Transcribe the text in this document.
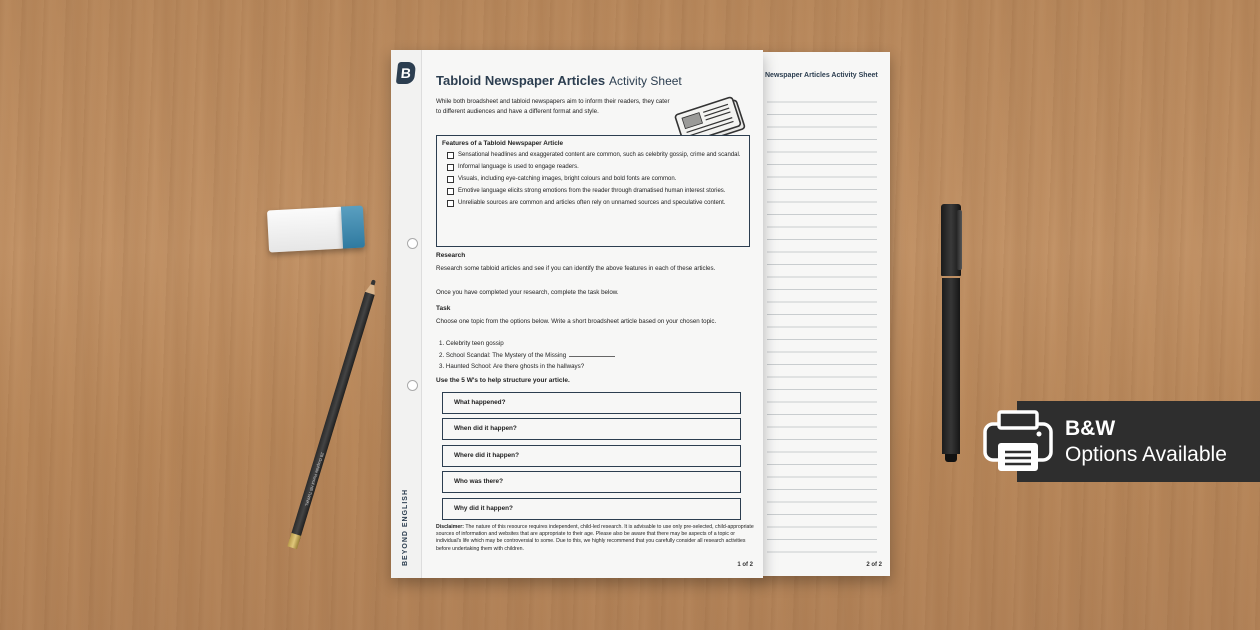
Newspaper Articles Activity Sheet
2 of 2
B
BEYOND ENGLISH
Tabloid Newspaper Articles Activity Sheet
While both broadsheet and tabloid newspapers aim to inform their readers, they cater to different audiences and have a different format and style.
Features of a Tabloid Newspaper Article
Sensational headlines and exaggerated content are common, such as celebrity gossip, crime and scandal.
Informal language is used to engage readers.
Visuals, including eye-catching images, bright colours and bold fonts are common.
Emotive language elicits strong emotions from the reader through dramatised human interest stories.
Unreliable sources are common and articles often rely on unnamed sources and speculative content.
Research
Research some tabloid articles and see if you can identify the above features in each of these articles.
Once you have completed your research, complete the task below.
Task
Choose one topic from the options below. Write a short broadsheet article based on your chosen topic.
1. Celebrity teen gossip
2. School Scandal: The Mystery of the Missing
3. Haunted School: Are there ghosts in the hallways?
Use the 5 W's to help structure your article.
What happened?
When did it happen?
Where did it happen?
Who was there?
Why did it happen?
Disclaimer: The nature of this resource requires independent, child-led research. It is advisable to use only pre-selected, child-appropriate sources of information and websites that are appropriate to their age. Please also be aware that there may be aspects of a topic or individual's life which may be controversial to some. Due to this, we highly recommend that you carefully consider all research activities before undertaking them with children.
1 of 2
2B Graphite Pencil HB TWINKL
B&W
Options Available
